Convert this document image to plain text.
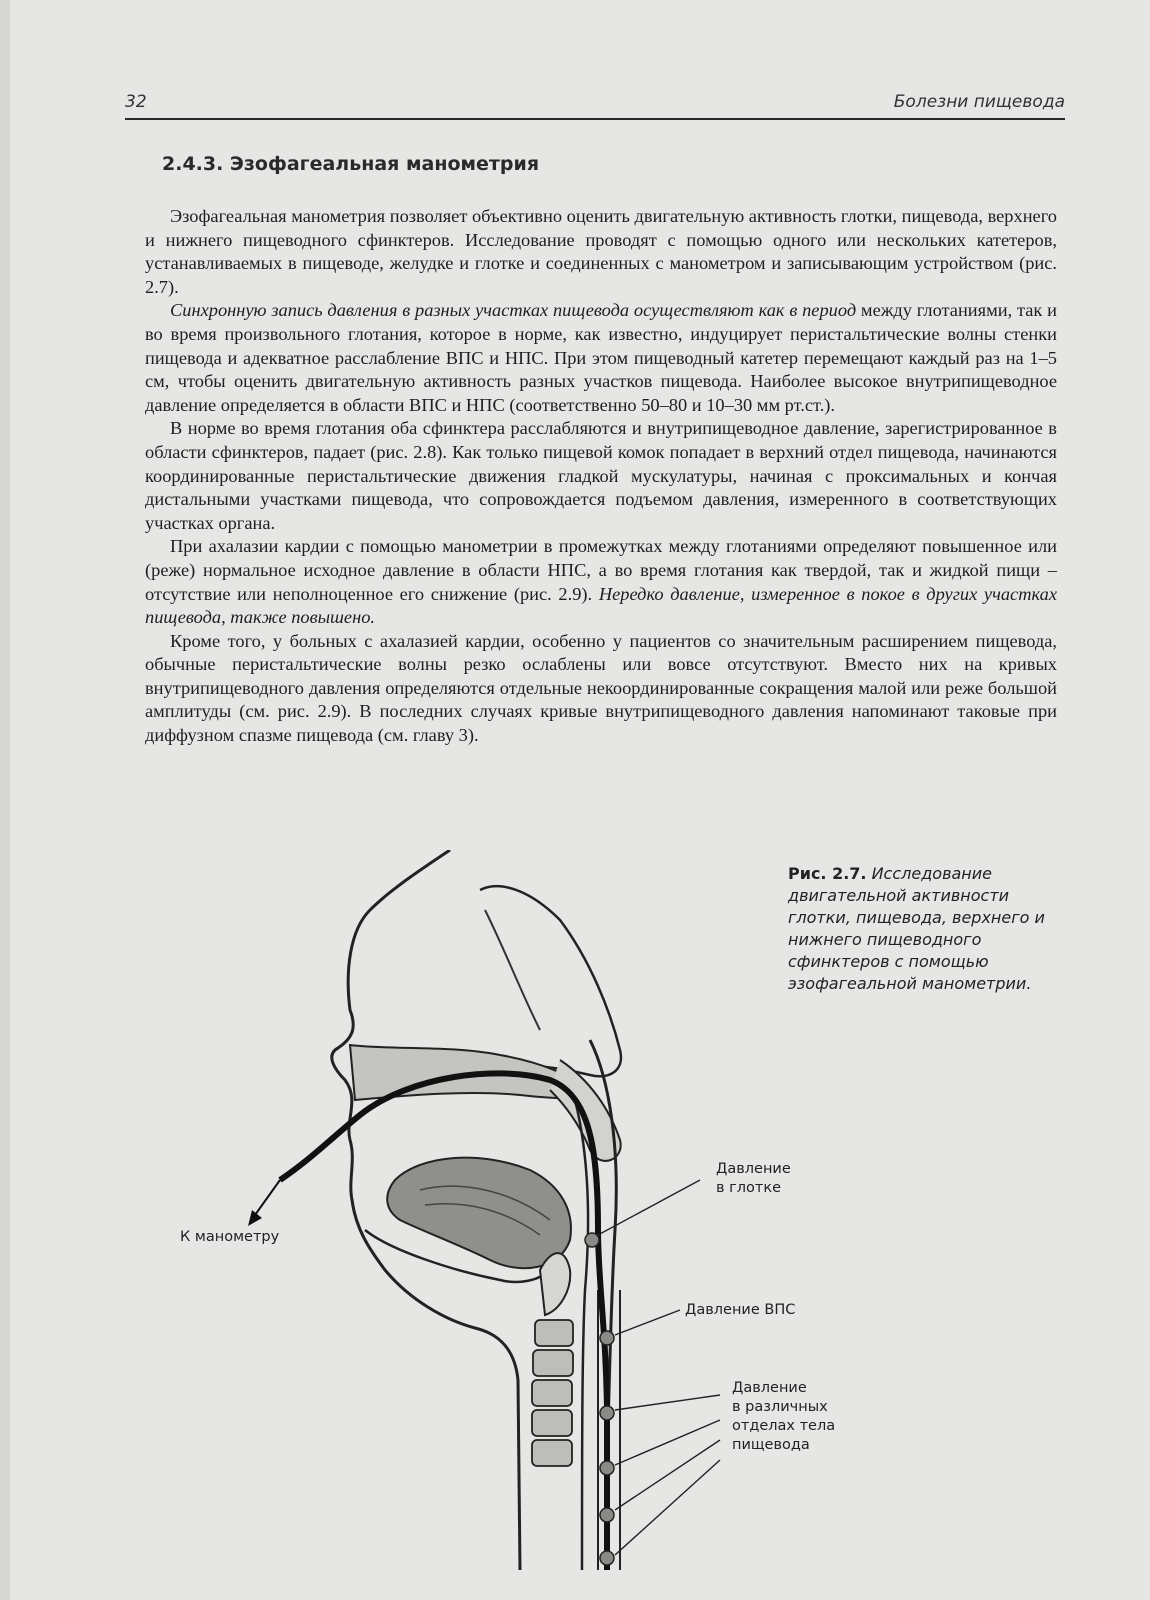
32	Болезни пищевода
2.4.3. Эзофагеальная манометрия

Эзофагеальная манометрия позволяет объективно оценить двигательную активность глотки, пищевода, верхнего и нижнего пищеводного сфинктеров. Исследование проводят с помощью одного или нескольких катетеров, устанавливаемых в пищеводе, желудке и глотке и соединенных с манометром и записывающим устройством (рис. 2.7).

Синхронную запись давления в разных участках пищевода осуществляют как в период между глотаниями, так и во время произвольного глотания, которое в норме, как известно, индуцирует перистальтические волны стенки пищевода и адекватное расслабление ВПС и НПС. При этом пищеводный катетер перемещают каждый раз на 1–5 см, чтобы оценить двигательную активность разных участков пищевода. Наиболее высокое внутрипищеводное давление определяется в области ВПС и НПС (соответственно 50–80 и 10–30 мм рт.ст.).

В норме во время глотания оба сфинктера расслабляются и внутрипищеводное давление, зарегистрированное в области сфинктеров, падает (рис. 2.8). Как только пищевой комок попадает в верхний отдел пищевода, начинаются координированные перистальтические движения гладкой мускулатуры, начиная с проксимальных и кончая дистальными участками пищевода, что сопровождается подъемом давления, измеренного в соответствующих участках органа.

При ахалазии кардии с помощью манометрии в промежутках между глотаниями определяют повышенное или (реже) нормальное исходное давление в области НПС, а во время глотания как твердой, так и жидкой пищи – отсутствие или неполноценное его снижение (рис. 2.9). Нередко давление, измеренное в покое в других участках пищевода, также повышено.

Кроме того, у больных с ахалазией кардии, особенно у пациентов со значительным расширением пищевода, обычные перистальтические волны резко ослаблены или вовсе отсутствуют. Вместо них на кривых внутрипищеводного давления определяются отдельные некоординированные сокращения малой или реже большой амплитуды (см. рис. 2.9). В последних случаях кривые внутрипищеводного давления напоминают таковые при диффузном спазме пищевода (см. главу 3).

К манометру
Давление
в глотке
Давление ВПС
Давление
в различных
отделах тела
пищевода
Рис. 2.7. Исследование двигательной активности глотки, пищевода, верхнего и нижнего пищеводного сфинктеров с помощью эзофагеальной манометрии.
